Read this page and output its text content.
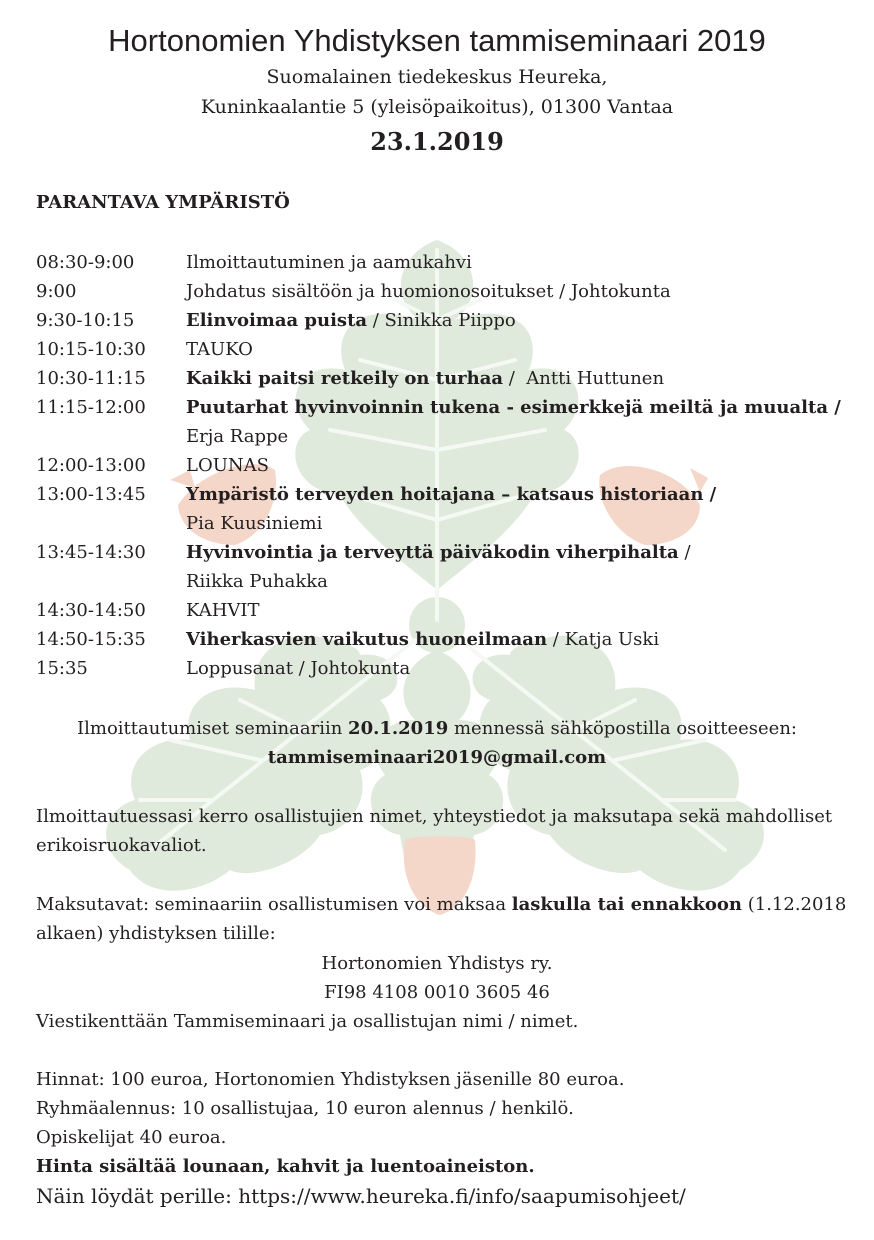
Hortonomien Yhdistyksen tammiseminaari 2019
Suomalainen tiedekeskus Heureka,
Kuninkaalantie 5 (yleisöpaikoitus), 01300 Vantaa
23.1.2019
PARANTAVA YMPÄRISTÖ
08:30-9:00	Ilmoittautuminen ja aamukahvi
9:00	Johdatus sisältöön ja huomionosoitukset / Johtokunta
9:30-10:15	Elinvoimaa puista / Sinikka Piippo
10:15-10:30 TAUKO
10:30-11:15 Kaikki paitsi retkeily on turhaa /  Antti Huttunen
11:15-12:00 Puutarhat hyvinvoinnin tukena - esimerkkejä meiltä ja muualta /
Erja Rappe
12:00-13:00 LOUNAS
13:00-13:45 Ympäristö terveyden hoitajana – katsaus historiaan /
Pia Kuusiniemi
13:45-14:30 Hyvinvointia ja terveyttä päiväkodin viherpihalta /
Riikka Puhakka
14:30-14:50 KAHVIT
14:50-15:35 Viherkasvien vaikutus huoneilmaan / Katja Uski
15:35	Loppusanat / Johtokunta
Ilmoittautumiset seminaariin 20.1.2019 mennessä sähköpostilla osoitteeseen:
tammiseminaari2019@gmail.com
Ilmoittautuessasi kerro osallistujien nimet, yhteystiedot ja maksutapa sekä mahdolliset
erikoisruokavaliot.
Maksutavat: seminaariin osallistumisen voi maksaa laskulla tai ennakkoon (1.12.2018
alkaen) yhdistyksen tilille:
Hortonomien Yhdistys ry.
FI98 4108 0010 3605 46
Viestikenttään Tammiseminaari ja osallistujan nimi / nimet.
Hinnat: 100 euroa, Hortonomien Yhdistyksen jäsenille 80 euroa.
Ryhmäalennus: 10 osallistujaa, 10 euron alennus / henkilö.
Opiskelijat 40 euroa.
Hinta sisältää lounaan, kahvit ja luentoaineiston.
Näin löydät perille: https://www.heureka.fi/info/saapumisohjeet/
